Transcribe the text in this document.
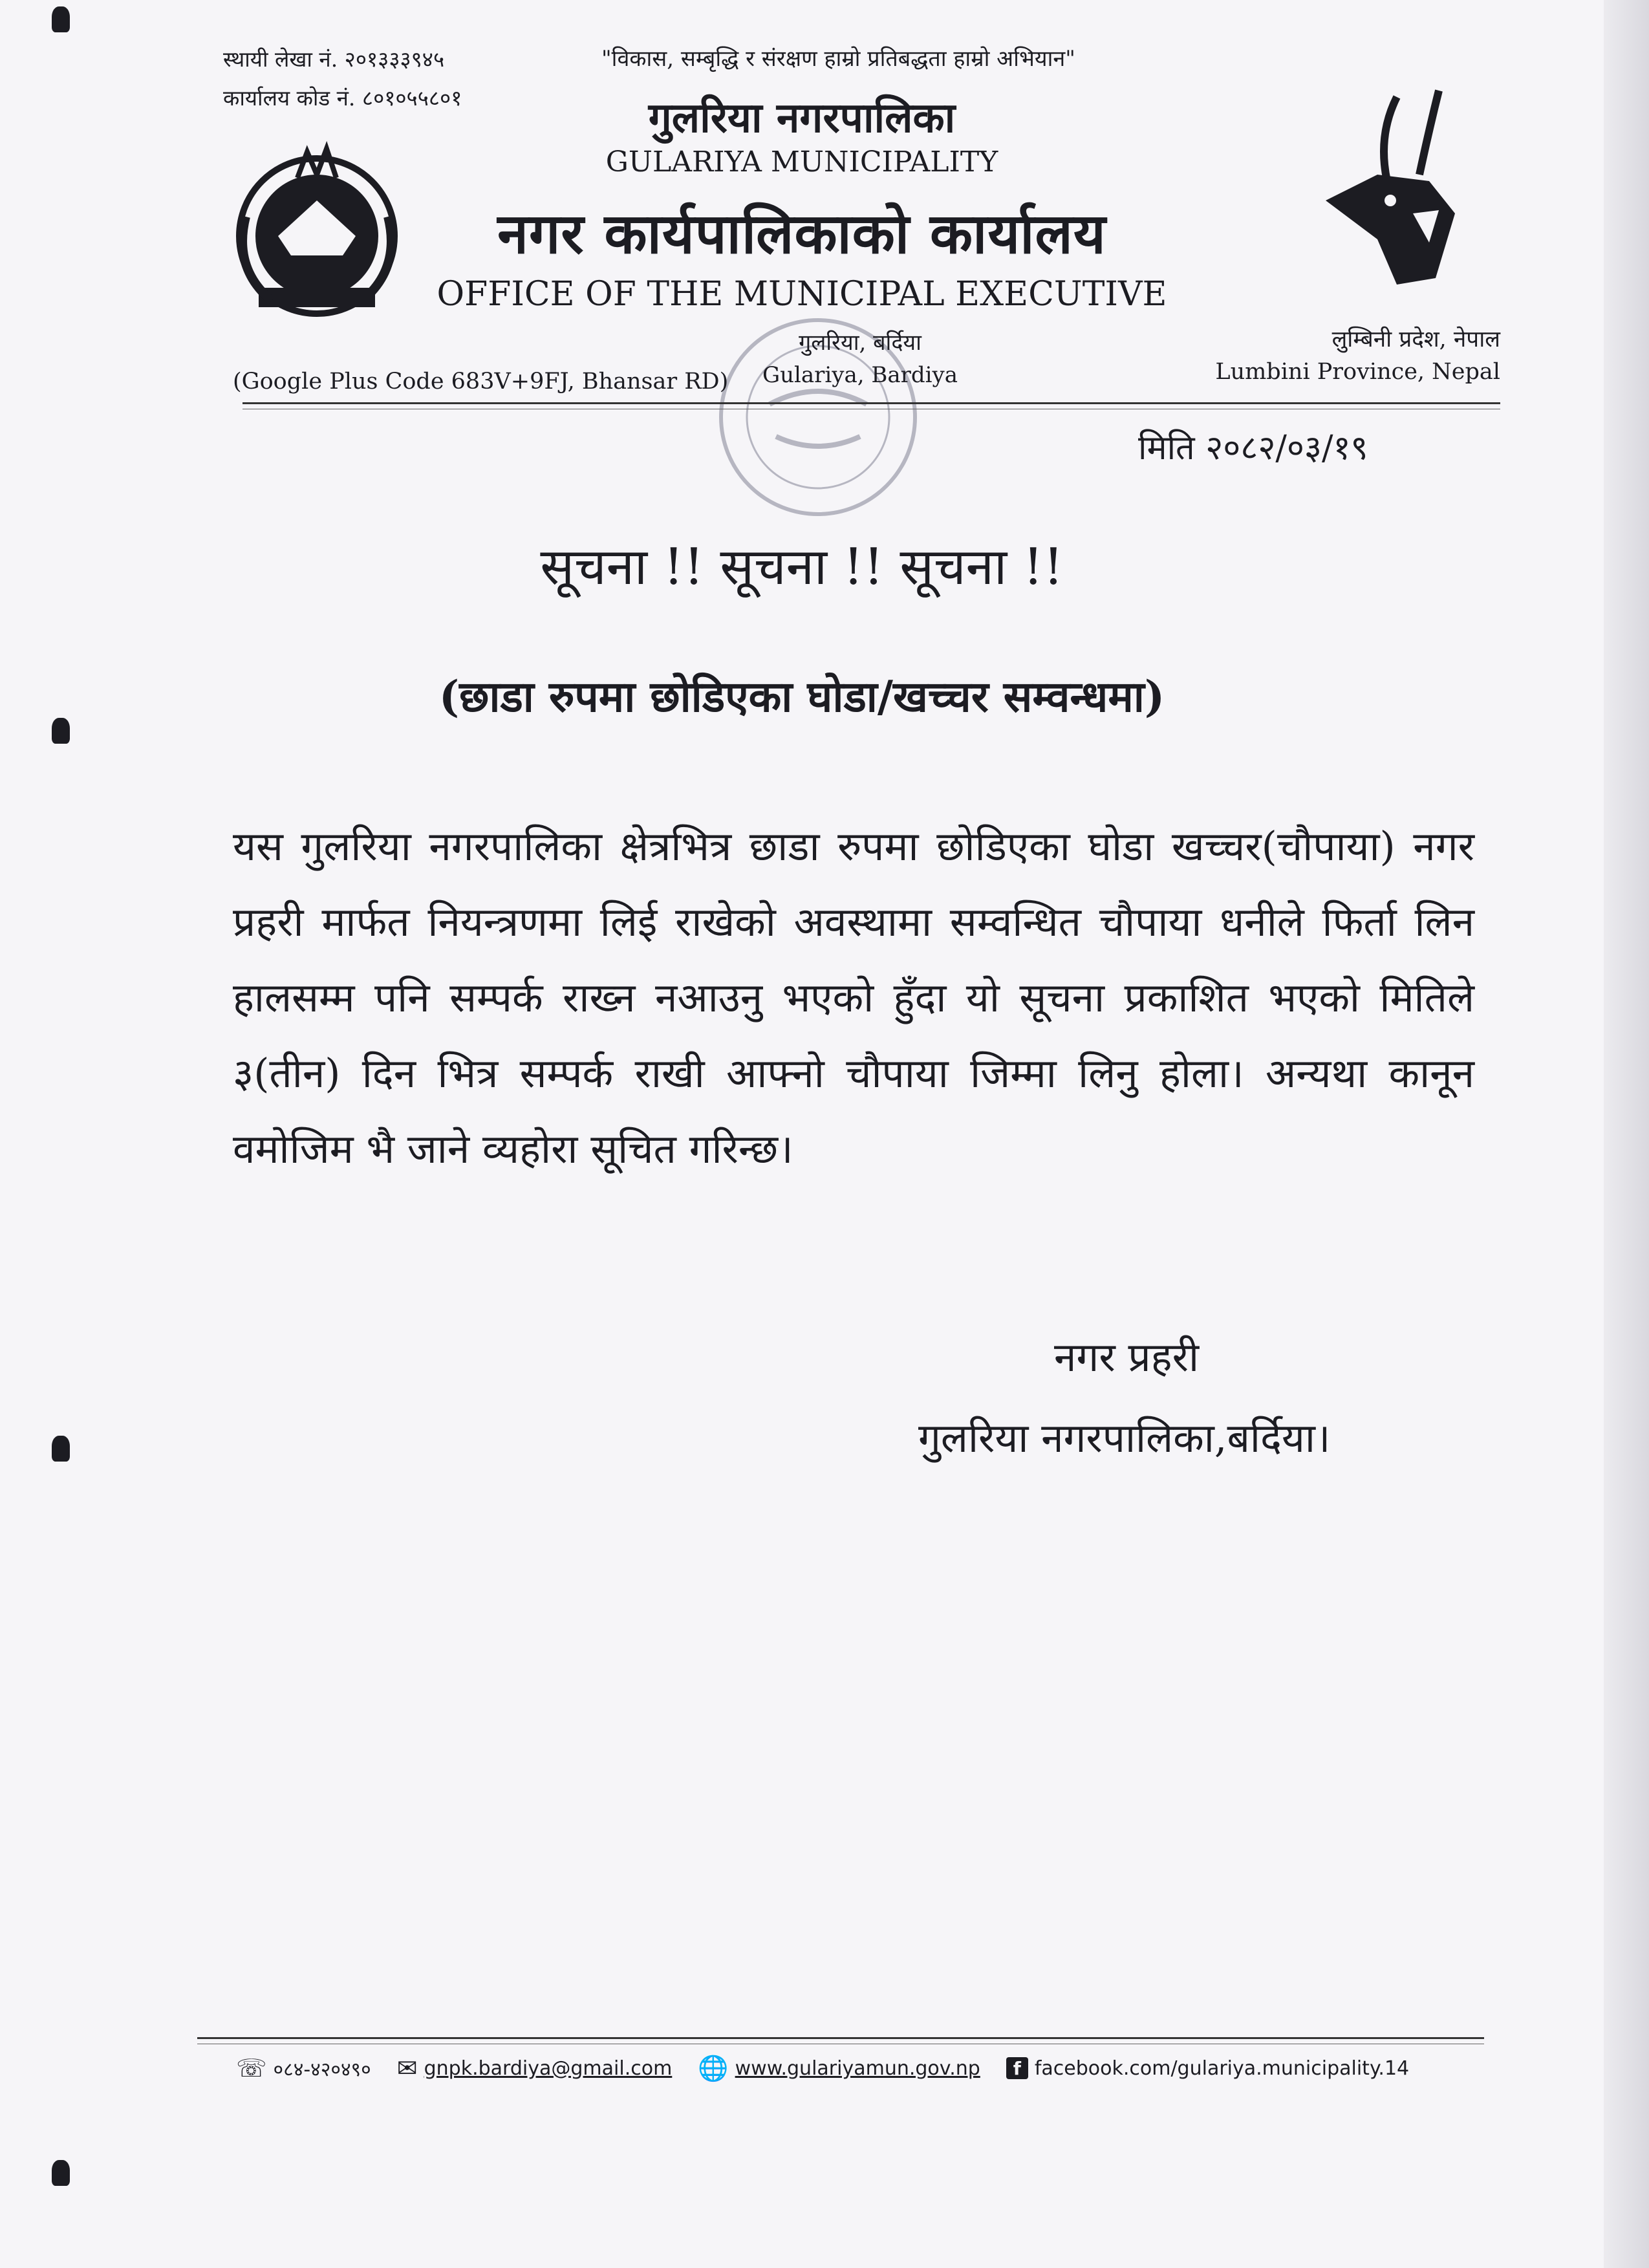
स्थायी लेखा नं. २०१३३३९४५
कार्यालय कोड नं. ८०१०५५८०१
"विकास, सम्बृद्धि र संरक्षण हाम्रो प्रतिबद्धता हाम्रो अभियान"
गुलरिया नगरपालिका
GULARIYA MUNICIPALITY
नगर कार्यपालिकाको कार्यालय
OFFICE OF THE MUNICIPAL EXECUTIVE
गुलरिया, बर्दिया
Gulariya, Bardiya
(Google Plus Code 683V+9FJ, Bhansar RD)
लुम्बिनी प्रदेश, नेपाल
Lumbini Province, Nepal
मिति २०८२/०३/१९
सूचना !! सूचना !! सूचना !!
(छाडा रुपमा छोडिएका घोडा/खच्चर सम्वन्धमा)
यस गुलरिया नगरपालिका क्षेत्रभित्र छाडा रुपमा छोडिएका घोडा खच्चर(चौपाया) नगर प्रहरी मार्फत नियन्त्रणमा लिई राखेको अवस्थामा सम्वन्धित चौपाया धनीले फिर्ता लिन हालसम्म पनि सम्पर्क राख्न नआउनु भएको हुँदा यो सूचना प्रकाशित भएको मितिले ३(तीन) दिन भित्र सम्पर्क राखी आफ्नो चौपाया जिम्मा लिनु होला। अन्यथा कानून वमोजिम भै जाने व्यहोरा सूचित गरिन्छ।
नगर प्रहरी
गुलरिया नगरपालिका,बर्दिया।
☏ ०८४-४२०४९० ✉ gnpk.bardiya@gmail.com 🌐 www.gulariyamun.gov.np	f facebook.com/gulariya.municipality.14
